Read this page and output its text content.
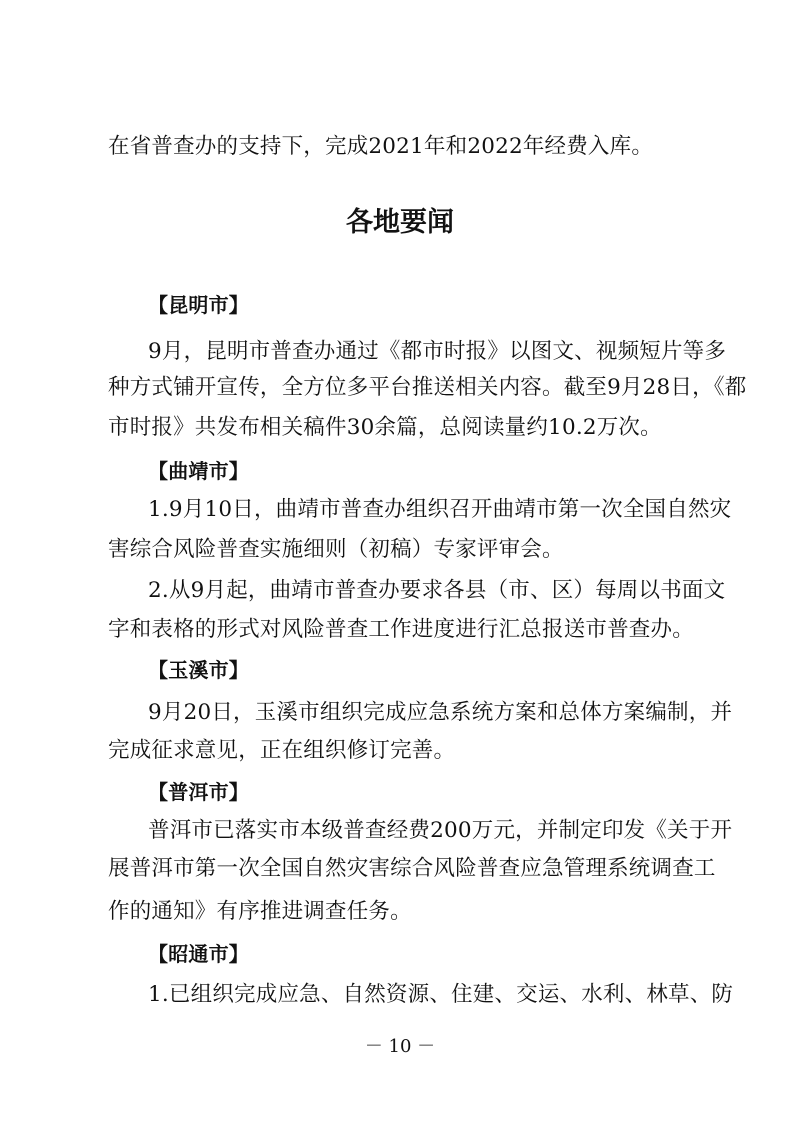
在省普查办的支持下，完成2021年和2022年经费入库。
各地要闻
【昆明市】
9月，昆明市普查办通过《都市时报》以图文、视频短片等多
种方式铺开宣传，全方位多平台推送相关内容。截至9月28日，《都
市时报》共发布相关稿件30余篇，总阅读量约10.2万次。
【曲靖市】
1.9月10日，曲靖市普查办组织召开曲靖市第一次全国自然灾
害综合风险普查实施细则（初稿）专家评审会。
2.从9月起，曲靖市普查办要求各县（市、区）每周以书面文
字和表格的形式对风险普查工作进度进行汇总报送市普查办。
【玉溪市】
9月20日，玉溪市组织完成应急系统方案和总体方案编制，并
完成征求意见，正在组织修订完善。
【普洱市】
普洱市已落实市本级普查经费200万元，并制定印发《关于开
展普洱市第一次全国自然灾害综合风险普查应急管理系统调查工
作的通知》有序推进调查任务。
【昭通市】
1.已组织完成应急、自然资源、住建、交运、水利、林草、防
－ 10 －
